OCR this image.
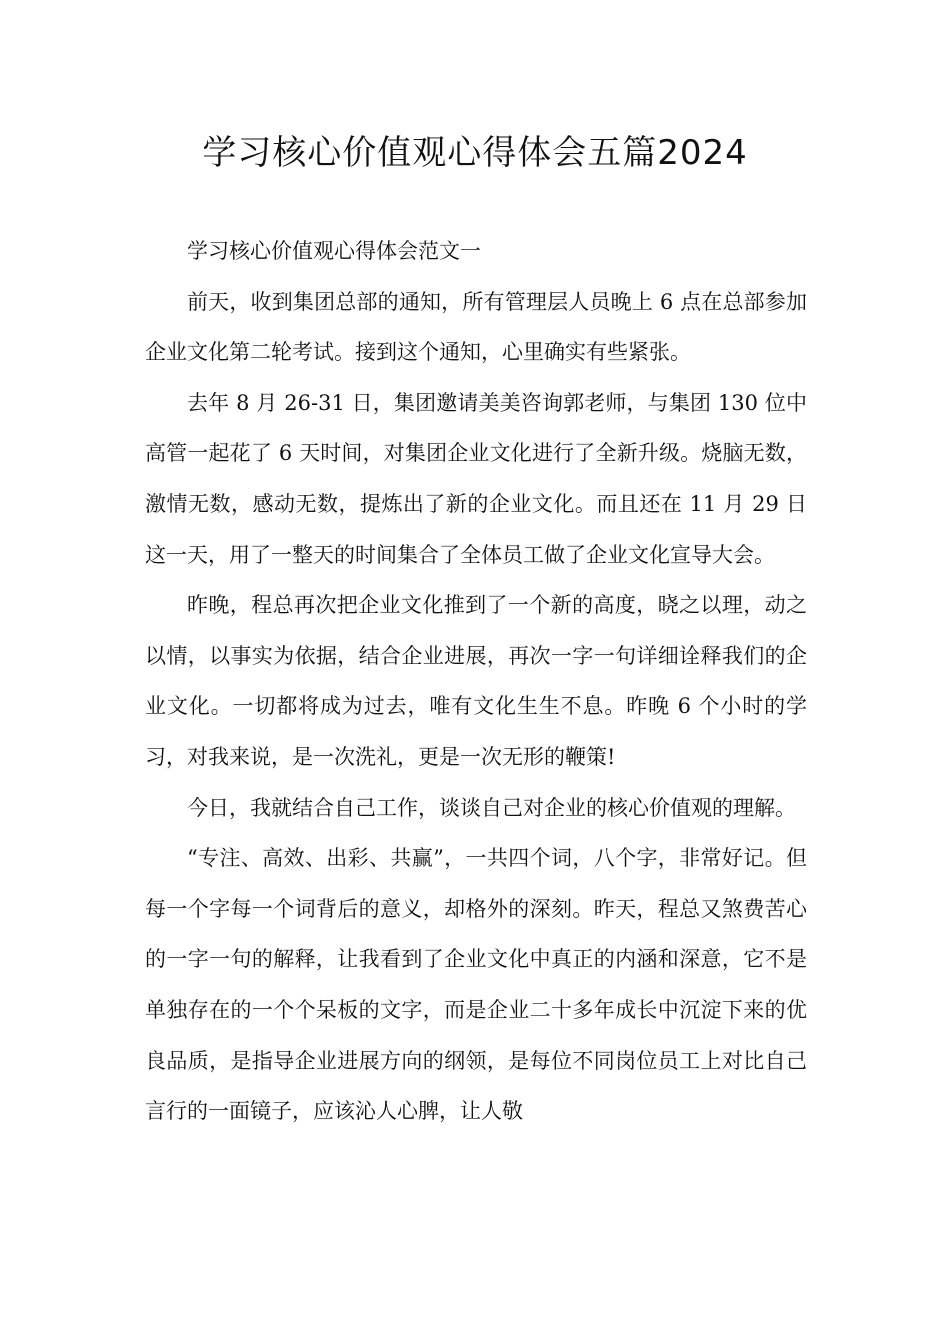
学习核心价值观心得体会五篇2024

学习核心价值观心得体会范文一

前天，收到集团总部的通知，所有管理层人员晚上 6 点在总部参加企业文化第二轮考试。接到这个通知，心里确实有些紧张。

去年 8 月 26-31 日，集团邀请美美咨询郭老师，与集团 130 位中高管一起花了 6 天时间，对集团企业文化进行了全新升级。烧脑无数，激情无数，感动无数，提炼出了新的企业文化。而且还在 11 月 29 日这一天，用了一整天的时间集合了全体员工做了企业文化宣导大会。

昨晚，程总再次把企业文化推到了一个新的高度，晓之以理，动之以情，以事实为依据，结合企业进展，再次一字一句详细诠释我们的企业文化。一切都将成为过去，唯有文化生生不息。昨晚 6 个小时的学习，对我来说，是一次洗礼，更是一次无形的鞭策!

今日，我就结合自己工作，谈谈自己对企业的核心价值观的理解。

“专注、高效、出彩、共赢”，一共四个词，八个字，非常好记。但每一个字每一个词背后的意义，却格外的深刻。昨天，程总又煞费苦心的一字一句的解释，让我看到了企业文化中真正的内涵和深意，它不是单独存在的一个个呆板的文字，而是企业二十多年成长中沉淀下来的优良品质，是指导企业进展方向的纲领，是每位不同岗位员工上对比自己言行的一面镜子，应该沁人心脾，让人敬
